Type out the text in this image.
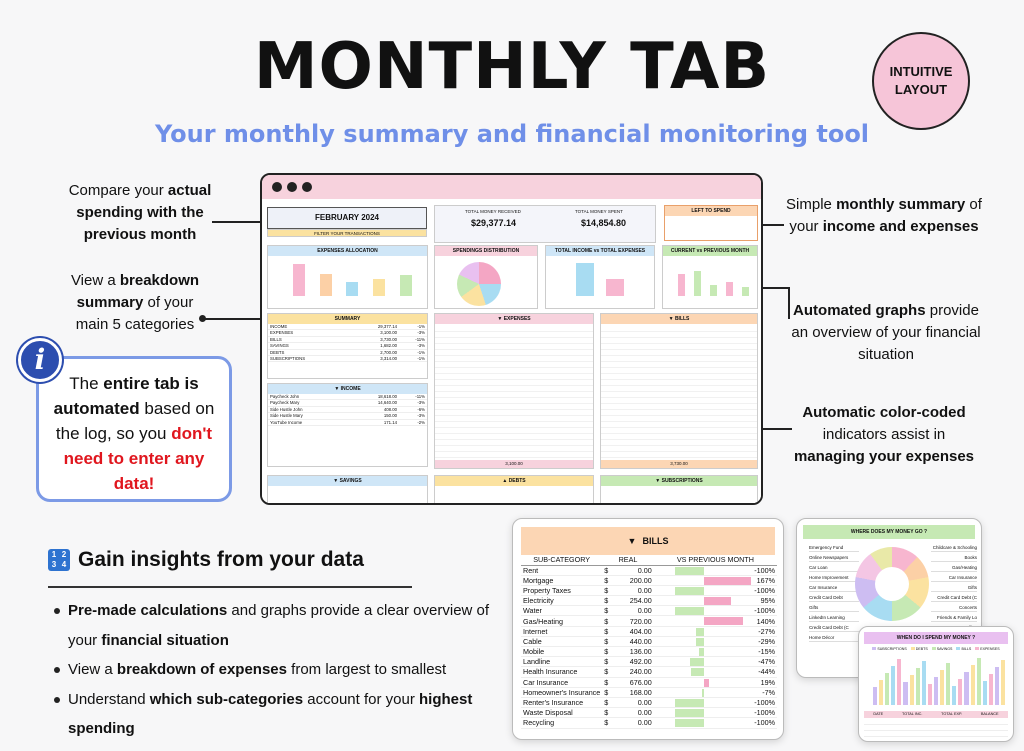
MONTHLY TAB
Your monthly summary and financial monitoring tool
INTUITIVE LAYOUT
Compare your actual spending with the
previous month
View a breakdown summary of your main 5 categories
The entire tab is automated based on the log, so you don't need to enter any data!
i
Simple monthly summary of your income and expenses
Automated graphs provide an overview of your financial situation
Automatic color-coded indicators assist in managing your expenses
FEBRUARY 2024
FILTER YOUR TRANSACTIONS
TOTAL MONEY RECEIVED
$29,377.14
TOTAL MONEY SPENT
$14,854.80
LEFT TO SPEND
EXPENSES ALLOCATION	SPENDINGS DISTRIBUTION	TOTAL INCOME vs TOTAL EXPENSES	CURRENT vs PREVIOUS MONTH
SUMMARY
INCOME	29,377.14	-1%
EXPENSES	3,100.00	-3%
BILLS	3,730.00	-11%
SAVINGS	1,682.00	-3%
DEBTS	2,700.00	-1%
SUBSCRIPTIONS	3,314.00	-1%
▼ INCOME
Paycheck John	18,618.00	-11%
Paycheck Mary	14,640.00	-3%
Side Hustle John	408.00	-6%
Side Hustle Mary	150.00	-3%
YouTube Income	171.14	-2%
▼ EXPENSES
3,100.00
▼ BILLS
3,730.00
▼ SAVINGS	▲ DEBTS	▼ SUBSCRIPTIONS
1 2
3 4 Gain insights from your data
Pre-made calculations and graphs provide a clear overview of your financial situation
View a breakdown of expenses from largest to smallest
Understand which sub-categories account for your highest spending
▼ BILLS
SUB-CATEGORY	REAL		VS PREVIOUS MONTH	
Rent	$	0.00		-100%
Mortgage	$	200.00		167%
Property Taxes	$	0.00		-100%
Electricity	$	254.00		95%
Water	$	0.00		-100%
Gas/Heating	$	720.00		140%
Internet	$	404.00		-27%
Cable	$	440.00		-29%
Mobile	$	136.00		-15%
Landline	$	492.00		-47%
Health Insurance	$	240.00		-44%
Car Insurance	$	676.00		19%
Homeowner's Insurance	$	168.00		-7%
Renter's Insurance	$	0.00		-100%
Waste Disposal	$	0.00		-100%
Recycling	$	0.00		-100%
WHERE DOES MY MONEY GO ?
Emergency Fund
Online Newspapers
Car Loan
Home Improvement
Car Insurance
Credit Card Debt
Gifts
LinkedIn Learning
Credit Card Debt (C
Home Décor
Childcare & Schooling
Books
Gas/Heating
Car Insurance
Gifts
Credit Card Debt (C
Concerts
Friends & Family Lo
WHEN DO I SPEND MY MONEY ?
SUBSCRIPTIONS	DEBTS	SAVINGS	BILLS	EXPENSES
DATE	TOTAL INC.	TOTAL EXP.	BALANCE
